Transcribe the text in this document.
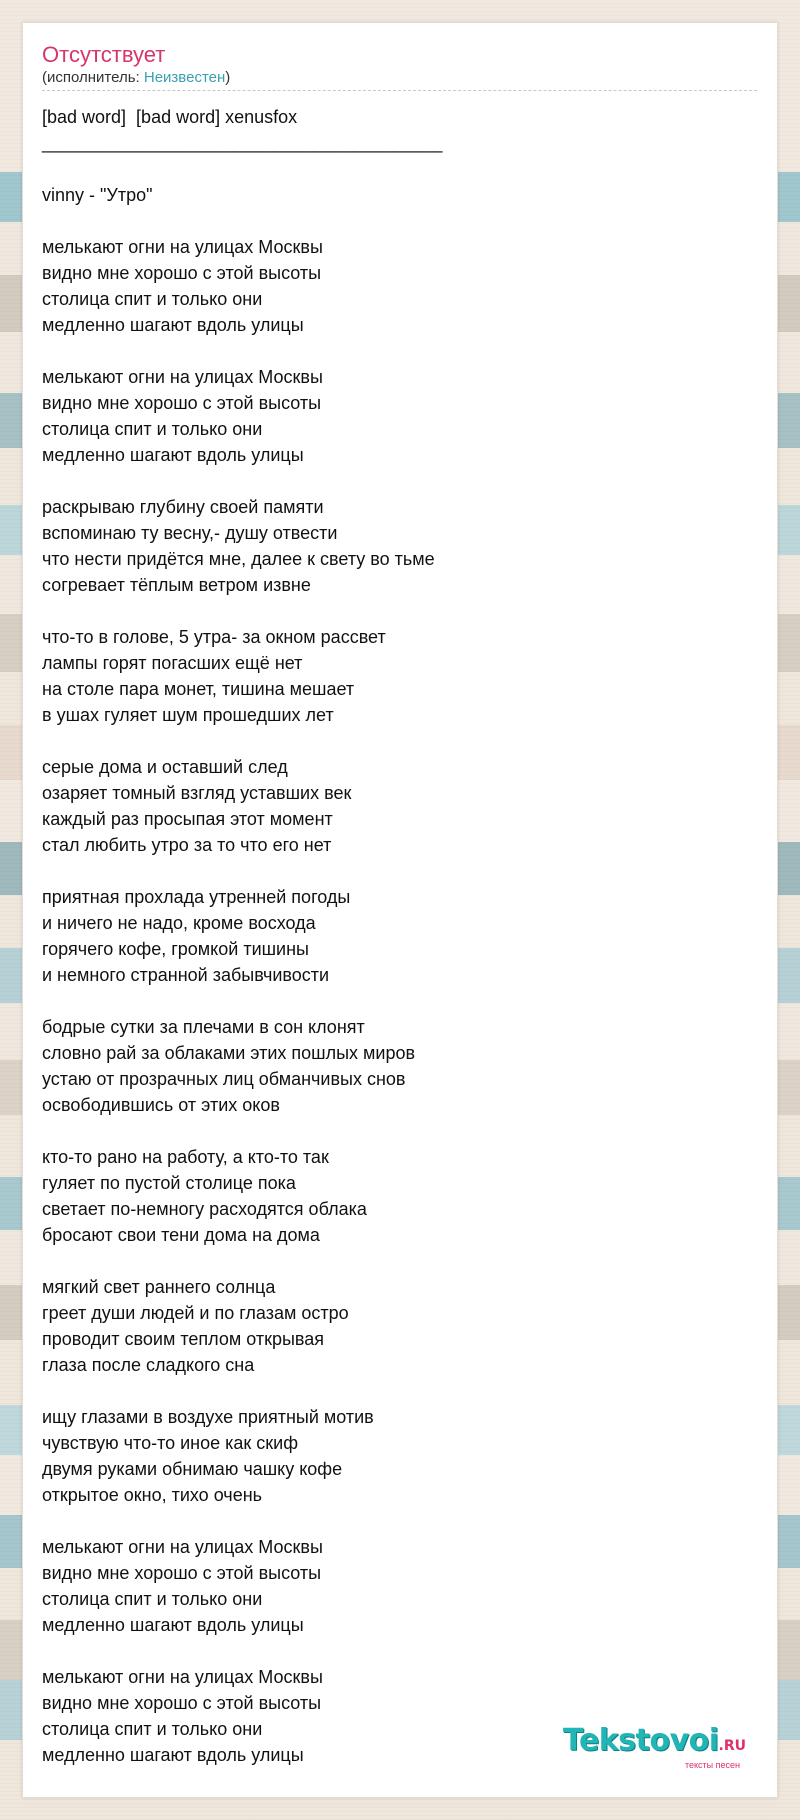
Отсутствует
(исполнитель: Неизвестен)
[bad word]  [bad word] xenusfox
________________________________________

vinny - "Утро"

мелькают огни на улицах Москвы
видно мне хорошо с этой высоты
столица спит и только они
медленно шагают вдоль улицы

мелькают огни на улицах Москвы
видно мне хорошо с этой высоты
столица спит и только они
медленно шагают вдоль улицы

раскрываю глубину своей памяти
вспоминаю ту весну,- душу отвести
что нести придётся мне, далее к свету во тьме
согревает тёплым ветром извне

что-то в голове, 5 утра- за окном рассвет
лампы горят погасших ещё нет
на столе пара монет, тишина мешает
в ушах гуляет шум прошедших лет

серые дома и оставший след
озаряет томный взгляд уставших век
каждый раз просыпая этот момент
стал любить утро за то что его нет

приятная прохлада утренней погоды
и ничего не надо, кроме восхода
горячего кофе, громкой тишины
и немного странной забывчивости

бодрые сутки за плечами в сон клонят
словно рай за облаками этих пошлых миров
устаю от прозрачных лиц обманчивых снов
освободившись от этих оков

кто-то рано на работу, а кто-то так
гуляет по пустой столице пока
светает по-немногу расходятся облака
бросают свои тени дома на дома

мягкий свет раннего солнца
греет души людей и по глазам остро
проводит своим теплом открывая
глаза после сладкого сна

ищу глазами в воздухе приятный мотив
чувствую что-то иное как скиф
двумя руками обнимаю чашку кофе
открытое окно, тихо очень

мелькают огни на улицах Москвы
видно мне хорошо с этой высоты
столица спит и только они
медленно шагают вдоль улицы

мелькают огни на улицах Москвы
видно мне хорошо с этой высоты
столица спит и только они
медленно шагают вдоль улицы	Tekstovoi.RU
тексты песен
